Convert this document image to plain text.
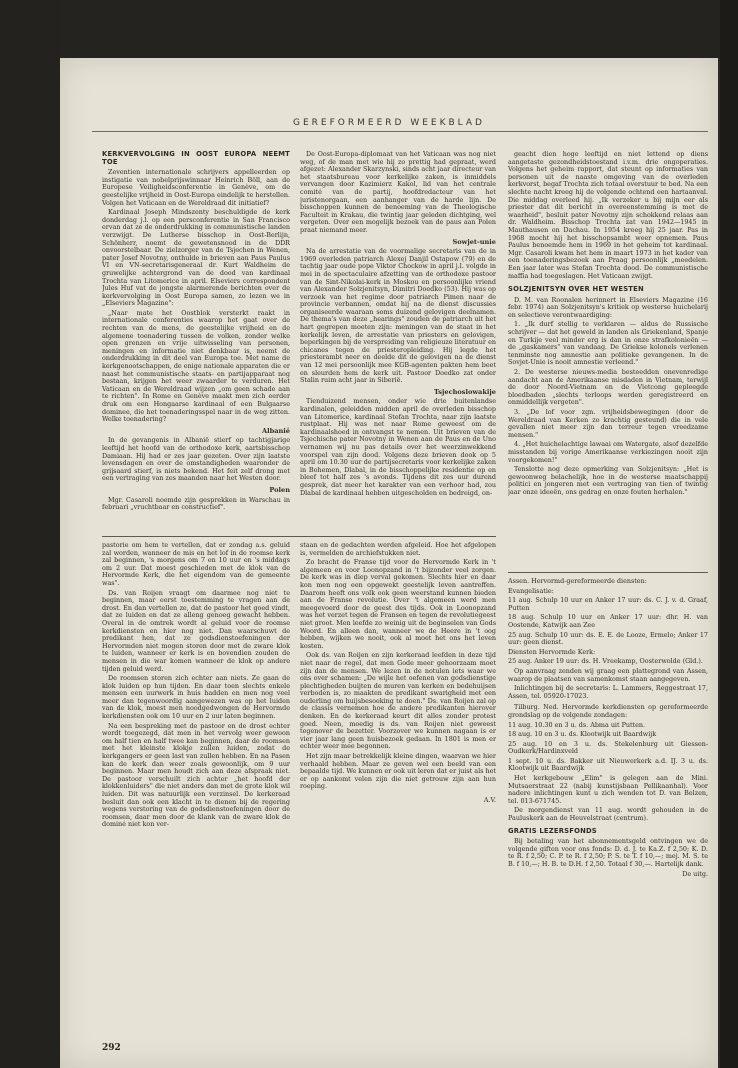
GEREFORMEERD WEEKBLAD
KERKVERVOLGING IN OOST EUROPA NEEMT TOE

Zeventien internationale schrijvers appelleerden op instigatie van nobelprijswinnaar Heinrich Böll, aan de Europese Veiligheidsconferentie in Genève, om de geestelijke vrijheid in Oost-Europa eindelijk te herstellen. Volgen het Vaticaan en de Wereldraad dit initiatief?

Kardinaal Joseph Mindszenty beschuldigde de kerk donderdag j.l. op een persconferentie in San Francisco ervan dat ze de onderdrukking in communistische landen verzwijgt. De Lutherse bisschop in Oost-Berlijn, Schönherr, noemt de gewetensnood in de DDR onvoorstelbaar. De zielzorger van de Tsjechen in Wenen, pater Josef Novotny, onthulde in brieven aan Paus Paulus VI en VN-secretarisgeneraal dr. Kurt Waldheim de gruwelijke achtergrond van de dood van kardinaal Trochta van Litomerice in april. Elseviers correspondent Jules Huf vat de jongste alarmerende berichten over de kerkvervolging in Oost Europa samen, zo lezen we in „Elseviers Magazine":

„Naar mate het Oostblok versterkt raakt in internationale conferenties waarop het gaat over de rechten van de mens, de geestelijke vrijheid en de algemene toenadering tussen de volken, zonder welke open grenzen en vrije uitwisseling van personen, meningen en informatie niet denkbaar is, neemt de onderdrukking in dit deel van Europa toe. Met name de kerkgenootschappen, de enige nationale apparaten die er naast het communistische staats- en partijapparaat nog bestaan, krijgen het weer zwaarder te verduren. Het Vaticaan en de Wereldraad wijzen „om geen schade aan te richten". In Rome en Genève maakt men zich eerder druk om een Hongaarse kardinaal of een Bulgaarse dominee, die het toenaderingsspel naar in de weg zitten. Welke toenadering?

Albanië

In de gevangenis in Albanië stierf op tachtigjarige leeftijd het hoofd van de orthodoxe kerk, aartsbisschop Damiaan. Hij had er zes jaar gezeten. Over zijn laatste levensdagen en over de omstandigheden waaronder de grijsaard stierf, is niets bekend. Het feit zelf drong met een vertraging van zes maanden naar het Westen door.

Polen

Mgr. Casaroli noemde zijn gesprekken in Warschau in februari „vruchtbaar en constructief".

De Oost-Europa-diplomaat van het Vaticaan was nog niet weg, of de man met wie hij zo prettig had gepraat, werd afgezet: Alexander Skarzynski, sinds acht jaar directeur van het staatsbureau voor kerkelijke zaken, is inmiddels vervangen door Kazimierz Kakol, lid van het centrale comité van de partij, hoofdredacteur van het juristenorgaan, een aanhanger van de harde lijn. De bisschoppen kunnen de benoeming van de Theologische Faculteit in Krakau, die twintig jaar geleden dichtging, wel vergeten. Over een mogelijk bezoek van de paus aan Polen praat niemand meer.

Sowjet-unie

Na de arrestatie van de voormalige secretaris van de in 1969 overleden patriarch Alexej Danjil Ostapow (79) en de tachtig jaar oude pope Viktor Chockow in april j.l. volgde in mei in de spectaculaire afzetting van de orthodoxe pastoor van de Sint-Nikolai-kerk in Moskou en persoonlijke vriend van Alexander Solzjenitsyn, Dimitri Doedko (53). Hij was op verzoek van het regime door patriarch Pimen naar de provincie verbannen, omdat hij na de dienst discussies organiseerde waaraan soms duizend gelovigen deelnamen. De thema's van deze „hearings" zouden de patriarch uit het hart gegrepen moeten zijn: meningen van de staat in het kerkelijk leven, de arrestatie van priesters en gelovigen, beperkingen bij de verspreiding van religieuze literatuur en chicanes tegen de priesteropleiding. Hij legde het priesterambt neer en deelde dit de gelovigen na de dienst van 12 mei persoonlijk mee KGB-agenten pakten hem beet en sleurden hem de kerk uit. Pastoor Doedko zat onder Stalin ruim acht jaar in Siberië.

Tsjechoslowakije

Tienduizend mensen, onder wie drie buitenlandse kardinalen, geleidden midden april de overleden bisschop van Litomerice, kardinaal Stefan Trochta, naar zijn laatste rustplaat. Hij was net naar Rome geweest om de kardinaalshoed in ontvangst te nemen. Uit brieven van de Tsjechische pater Novotny in Wenen aan de Paus en de Uno vernamen wij nu pas details over het weerzinwekkend voorspel van zijn dood. Volgens deze brieven dook op 5 april om 10.30 uur de partijsecretaris voor kerkelijke zaken in Bohemen, Dlabal, in de bisschoppelijke residentie op en bleef tot half zes 's avonds. Tijdens dit zes uur durend gesprek, dat meer het karakter van een verhoor had, zou Dlabal de kardinaal hebben uitgescholden en bedreigd, on-

geacht dien hoge leeftijd en niet lettend op diens aangetaste gezondheidstoestand i.v.m. drie ongoperaties. Volgens het geheim rapport, dat steunt op informaties van personen uit de naaste omgeving van de overleden kerkvorst, begaf Trochta zich totaal overstuur te bed. Na een slechte nacht kreeg hij de volgende ochtend een hartaanval. Die middag overleed hij. „Ik verzeker u bij mijn eer als priester dat dit bericht in overeenstemming is met de waarheid", besluit pater Novotny zijn schokkend relaas aan dr. Waldheim. Bisschop Trochta zat van 1942—1945 in Mauthausen en Dachau. In 1954 kreeg hij 25 jaar. Pas in 1968 mocht hij het bisschopsambt weer opnemen. Paus Paulus benoemde hem in 1969 in het geheim tot kardinaal. Mgr. Casaroli kwam het hem in maart 1973 in het kader van een toenaderingsbezoek aan Praag persoonlijk „meedelen. Een jaar later was Stefan Trochta dood. De communistische maffia had toegeslagen. Het Vaticaan zwijgt.

SOLZJENITSYN OVER HET WESTEN

D. M. van Roonalen herinnert in Elseviers Magazine (16 febr. 1974) aan Solzjenitsyn's kritiek op westerse huichelarij en selectieve verontwaardiging:

1. „Ik durf stellig te verklaren — aldus de Russische schrijver — dat het geweld in landen als Griekenland, Spanje en Turkije veel minder erg is dan in onze strafkolonieën — de „gaskamers" van vandaag. De Griekse kolonels verlenen tenminste nog amnestie aan politieke gevangenen. In de Sovjet-Unie is nooit amnestie verleend."

2. De westerse nieuws-media besteedden onevenredige aandacht aan de Amerikaanse misdaden in Vietnam, terwijl de door Noord-Vietnam en de Vietcong gepleegde bloedbaden „slechts terloops werden geregistreerd en onmiddellijk vergeten".

3. „De lof voor zgn. vrijheidsbewegingen (door de Wereldraad van Kerken zo krachtig gesteund) die in vele gevallen niet meer zijn dan terreur tegen vreedzame mensen."

4. „Het huichelachtige lawaai om Watergate, alsof dezelfde misstanden bij vorige Amerikaanse verkiezingen nooit zijn voorgekomen!"

Tenslotte nog deze opmerking van Solzjenitsyn: „Het is gewoonweg belachelijk, hoe in de westerse maatschappij politici en jongeren met een vertraging van tien of twintig jaar onze ideeën, ons gedrag en onze fouten herhalen."

pastorie om hem te vertellen, dat er zondag a.s. geluid zal worden, wanneer de mis en het lof in de roomse kerk zal beginnen, 's morgens om 7 en 10 uur en 's middags om 2 uur. Dat moest geschieden met de klok van de Hervormde Kerk, die het eigendom van de gemeente was".

Ds. van Roijen vraagt om daarmee nog niet te beginnen, maar eerst toestemming te vragen aan de drost. En dan vertellen ze, dat de pastoor het goed vindt, dat ze luiden en dat ze alleng genoeg gewacht hebben. Overal in de omtrek wordt al geluid voor de roomse kerkdiensten en hier nog niet. Dan waarschuwt de predikant hen, dat ze godsdienstoefeningen der Hervormden niet mogen storen door met de zware klok te luiden, wanneer er kerk is en bovendien zouden de mensen in die war komen wanneer de klok op andere tijden geluid werd.

De roomsen storen zich echter aan niets. Ze gaan de klok luiden op hun tijden. En daar toen slechts enkele mensen een uurwerk in huis hadden en men nog veel meer dan tegenwoordig aangewezen was op het luiden van de klok, moest men noodgedwongen de Hervormde kerkdiensten ook om 10 uur en 2 uur laten beginnen.

Na een bespreking met de pastoor en de drost echter wordt toegezegd, dat men in het vervolg weer gewoon om half tien en half twee kan beginnen, daar de roomsen met het kleinste klokje zullen luiden, zodat de kerkgangers er geen last van zullen hebben. En na Pasen kan de kerk dan weer zoals gewoonlijk, om 9 uur beginnen. Maar men houdt zich aan deze afspraak niet. De pastoor verschuilt zich achter „het hoofd der klokkenluiders" die niet anders dan met de grote klok wil luiden. Dit was natuurlijk een verzinsel. De kerkeraad besluit dan ook een klacht in te dienen bij de regering wegens verstoring van de godsdienstoefeningen door de roomsen, daar men door de klank van de zware klok de dominé niet kon ver-

staan en de gedachten werden afgeleid. Hoe het afgelopen is, vermelden de archiefstukken niet.

Zo bracht de Franse tijd voor de Hervormde Kerk in 't algemeen en voor Loonopzand in 't bijzonder veel zorgen. De kerk was in diep verval gekomen. Slechts hier en daar kon men nog een opgewekt geestelijk leven aantreffen. Daarom heeft ons volk ook geen weerstand kunnen bieden aan de Franse revolutie. Over 't algemeen werd men meegevoerd door de geest des tijds. Ook in Loonopzand was het verzet tegen de Fransen en tegen de revolutiegeest niet groot. Men leefde zo weinig uit de beginselen van Gods Woord. En alleen dan, wanneer we de Heere in 't oog hebben, wijken we nooit, ook al moet het ons het leven kosten.

Ook ds. van Roijen en zijn kerkeraad leefden in deze tijd niet naar de regel, dat men Gode meer gehoorzaam moet zijn dan de mensen. We lezen in de notulen iets waar we ons over schamen: „De wijle het oefenen van godsdienstige plechtigheden buijten de muren van kerken en bedehuijsen verboden is, zo maakten de predikant swarigheid met een ouderling om huijsbesoeking te doen." Ds. van Roijen zal op de classis vernemen hoe de andere predikanten hierover denken. En de kerkeraad keurt dit alles zonder protest goed. Neen, moedig is ds. van Roijen niet geweest tegenover de bezetter. Voorzover we kunnen nagaan is er vier jaar lang geen huisbezoek gedaan. In 1801 is men er echter weer mee begonnen.

Het zijn maar betrekkelijk kleine dingen, waarvan we hier verhaald hebben. Maar ze geven wel een beeld van een bepaalde tijd. We kunnen er ook uit leren dat er juist als het er op aankomt velen zijn die niet getrouw zijn aan hun roeping.

A.V.

Assen. Hervormd-gereformeerde diensten:

Evangelisatie:

11 aug. Schulp 10 uur en Anker 17 uur: ds. C. J. v. d. Graaf, Putten

18 aug. Schulp 10 uur en Anker 17 uur: dhr. H. van Oostende, Katwijk aan Zee

25 aug. Schulp 10 uur: ds. E. E. de Looze, Ermelo; Anker 17 uur: geen dienst.

Diensten Hervormde Kerk:

25 aug. Anker 19 uur: ds. H. Vreekamp, Oosterwolde (Gld.).

Op aanvraag zenden wij graag een plattegrond van Assen, waarop de plaatsen van samenkomst staan aangegeven.

Inlichtingen bij de secretaris: L. Lammers, Reggestraat 17, Assen, tel. 05920-17023.

Tilburg. Ned. Hervormde kerkdiensten op gereformeerde grondslag op de volgende zondagen:

11 aug. 10.30 en 3 u. ds. Abma uit Putten.

18 aug. 10 en 3 u. ds. Klootwijk uit Baardwijk

25 aug. 10 en 3 u. ds. Stekelenburg uit Giessen-Oudkerk/Hardinxveld

1 sept. 10 u. ds. Bakker uit Nieuwerkerk a.d. IJ. 3 u. ds. Klootwijk uit Baardwijk

Het kerkgebouw „Elim" is gelegen aan de Mini. Mutsaerstraat 22 (nabij kunstijsbaan Pellikaanhal). Voor nadere inlichtingen kunt u zich wenden tot D. van Belzen, tel. 013-671745.

De morgendienst van 11 aug. wordt gehouden in de Pauluskerk aan de Heuvelstraat (centrum).

GRATIS LEZERSFONDS

Bij betaling van het abonnementsgeld ontvingen we de volgende giften voor ons fonds: D. d. J. te Ka.Z. f 2,50; K. D. te R. f 2,50; C. P. te R. f 2,50; P. S. te T. f 10,—; mej. M. S. te B. f 10,—; H. B. te D.H. f 2,50. Totaal f 30,—. Hartelijk dank.

De uitg.
292
